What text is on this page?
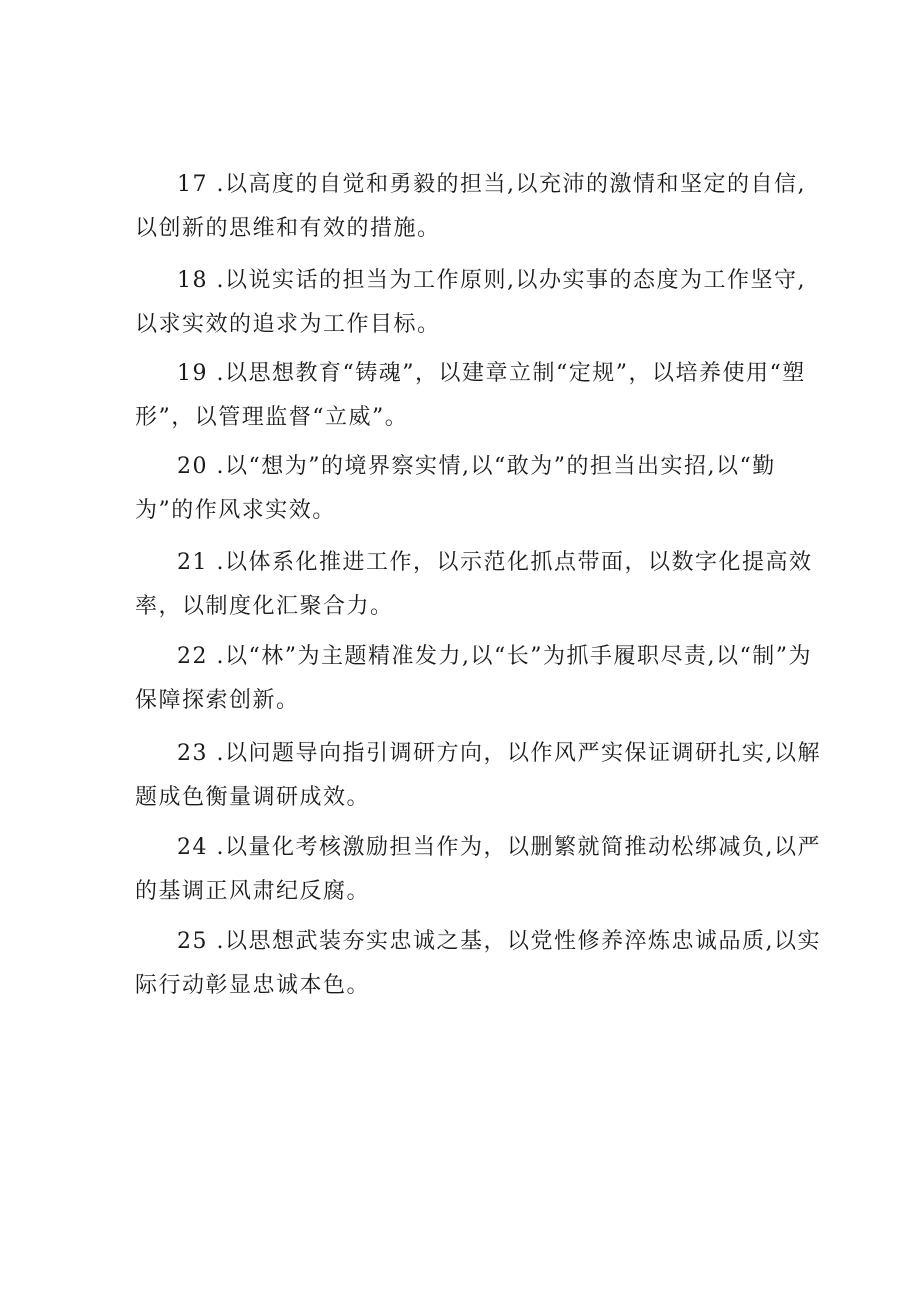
17 .以高度的自觉和勇毅的担当,以充沛的激情和坚定的自信,以创新的思维和有效的措施。

18 .以说实话的担当为工作原则,以办实事的态度为工作坚守,以求实效的追求为工作目标。

19 .以思想教育“铸魂”，以建章立制“定规”，以培养使用“塑形”，以管理监督“立威”。

20 .以“想为”的境界察实情,以“敢为”的担当出实招,以“勤为”的作风求实效。

21 .以体系化推进工作，以示范化抓点带面，以数字化提高效率，以制度化汇聚合力。

22 .以“林”为主题精准发力,以“长”为抓手履职尽责,以“制”为保障探索创新。

23 .以问题导向指引调研方向，以作风严实保证调研扎实,以解题成色衡量调研成效。

24 .以量化考核激励担当作为，以删繁就简推动松绑减负,以严的基调正风肃纪反腐。

25 .以思想武装夯实忠诚之基，以党性修养淬炼忠诚品质,以实际行动彰显忠诚本色。
